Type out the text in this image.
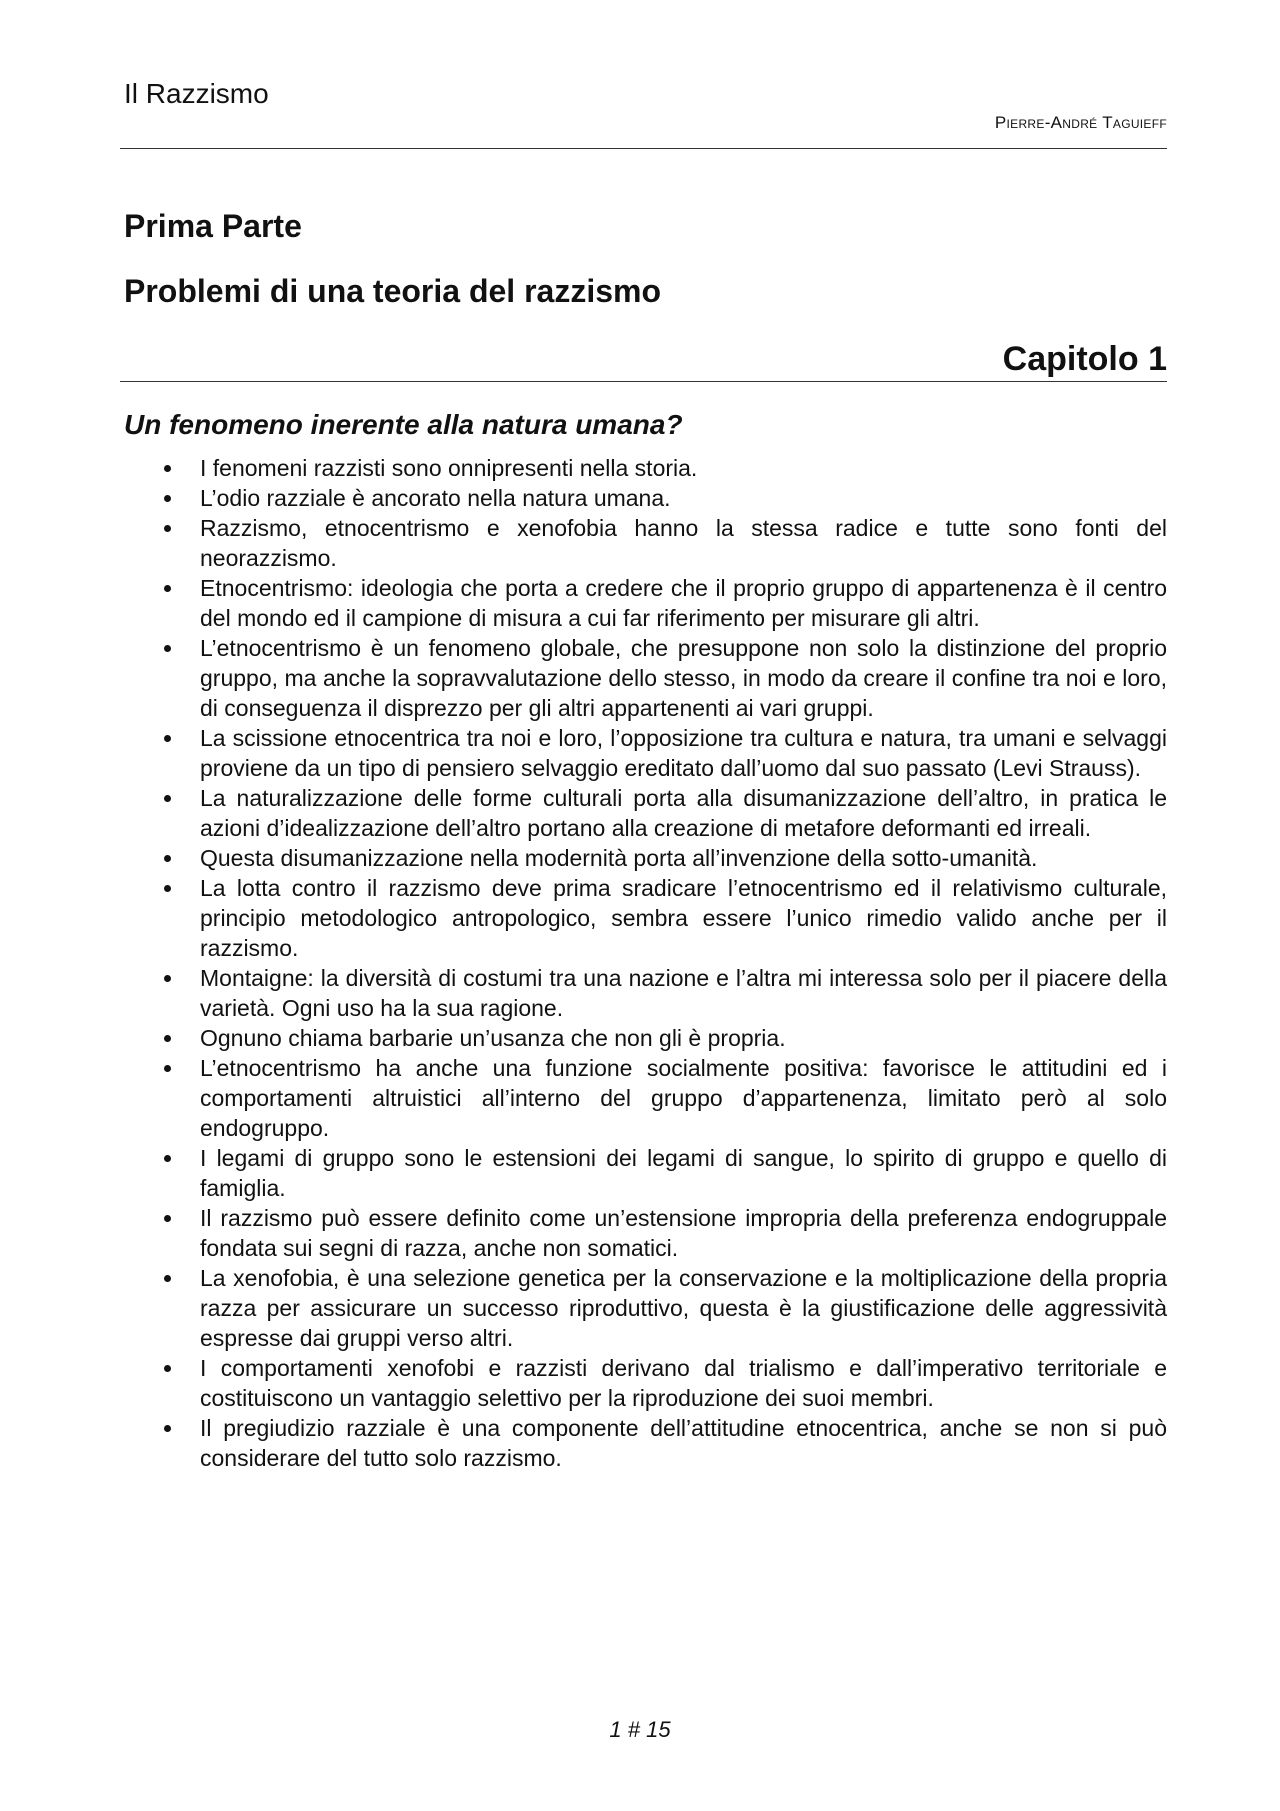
Il Razzismo
Pierre-André Taguieff
Prima Parte
Problemi di una teoria del razzismo
Capitolo 1
Un fenomeno inerente alla natura umana?
I fenomeni razzisti sono onnipresenti nella storia.
L’odio razziale è ancorato nella natura umana.
Razzismo, etnocentrismo e xenofobia hanno la stessa radice e tutte sono fonti del neorazzismo.
Etnocentrismo: ideologia che porta a credere che il proprio gruppo di appartenenza è il centro del mondo ed il campione di misura a cui far riferimento per misurare gli altri.
L’etnocentrismo è un fenomeno globale, che presuppone non solo la distinzione del proprio gruppo, ma anche la sopravvalutazione dello stesso, in modo da creare il confine tra noi e loro, di conseguenza il disprezzo per gli altri appartenenti ai vari gruppi.
La scissione etnocentrica tra noi e loro, l’opposizione tra cultura e natura, tra umani e selvaggi proviene da un tipo di pensiero selvaggio ereditato dall’uomo dal suo passato (Levi Strauss).
La naturalizzazione delle forme culturali porta alla disumanizzazione dell’altro, in pratica le azioni d’idealizzazione dell’altro portano alla creazione di metafore deformanti ed irreali.
Questa disumanizzazione nella modernità porta all’invenzione della sotto-umanità.
La lotta contro il razzismo deve prima sradicare l’etnocentrismo ed il relativismo culturale, principio metodologico antropologico, sembra essere l’unico rimedio valido anche per il razzismo.
Montaigne: la diversità di costumi tra una nazione e l’altra mi interessa solo per il piacere della varietà. Ogni uso ha la sua ragione.
Ognuno chiama barbarie un’usanza che non gli è propria.
L’etnocentrismo ha anche una funzione socialmente positiva: favorisce le attitudini ed i comportamenti altruistici all’interno del gruppo d’appartenenza, limitato però al solo endogruppo.
I legami di gruppo sono le estensioni dei legami di sangue, lo spirito di gruppo e quello di famiglia.
Il razzismo può essere definito come un’estensione impropria della preferenza endogruppale fondata sui segni di razza, anche non somatici.
La xenofobia, è una selezione genetica per la conservazione e la moltiplicazione della propria razza per assicurare un successo riproduttivo, questa è la giustificazione delle aggressività espresse dai gruppi verso altri.
I comportamenti xenofobi e razzisti derivano dal trialismo e dall’imperativo territoriale e costituiscono un vantaggio selettivo per la riproduzione dei suoi membri.
Il pregiudizio razziale è una componente dell’attitudine etnocentrica, anche se non si può considerare del tutto solo razzismo.
1 # 15
